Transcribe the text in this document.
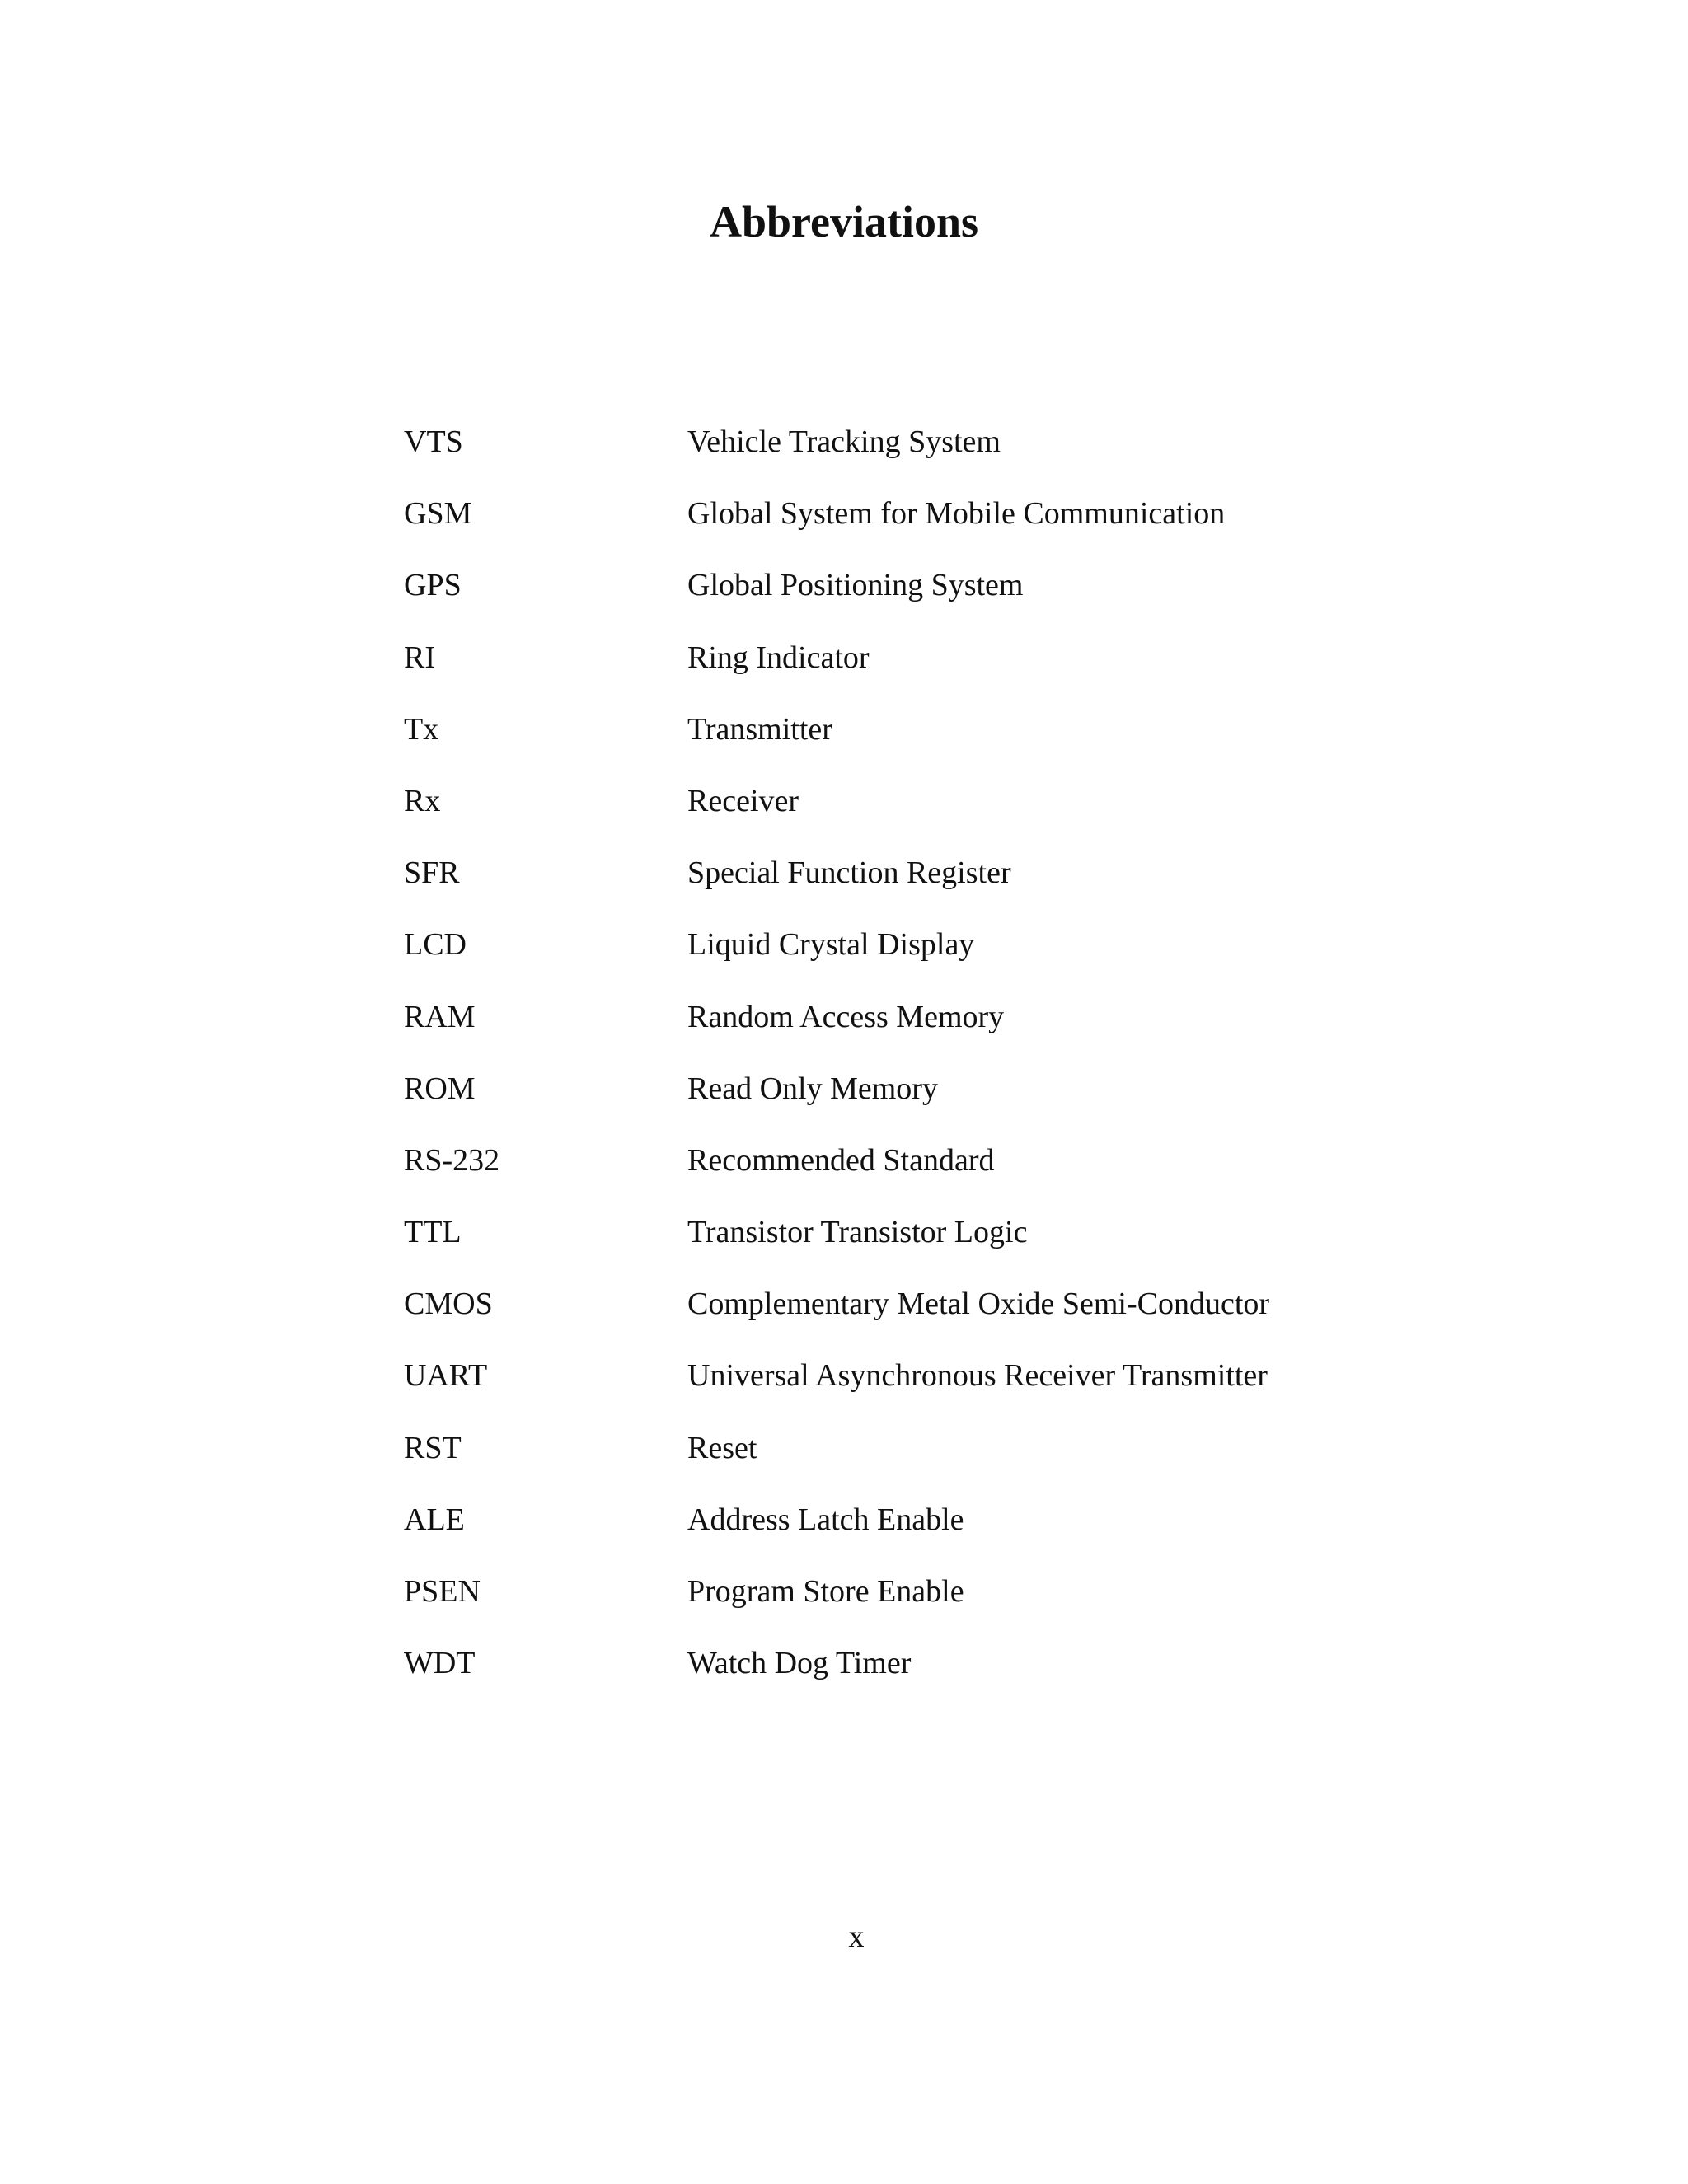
Abbreviations
VTS	Vehicle Tracking System
GSM	Global System for Mobile Communication
GPS	Global Positioning System
RI	Ring Indicator
Tx	Transmitter
Rx	Receiver
SFR	Special Function Register
LCD	Liquid Crystal Display
RAM	Random Access Memory
ROM	Read Only Memory
RS-232	Recommended Standard
TTL	Transistor Transistor Logic
CMOS	Complementary Metal Oxide Semi-Conductor
UART	Universal Asynchronous Receiver Transmitter
RST	Reset
ALE	Address Latch Enable
PSEN	Program Store Enable
WDT	Watch Dog Timer
x
